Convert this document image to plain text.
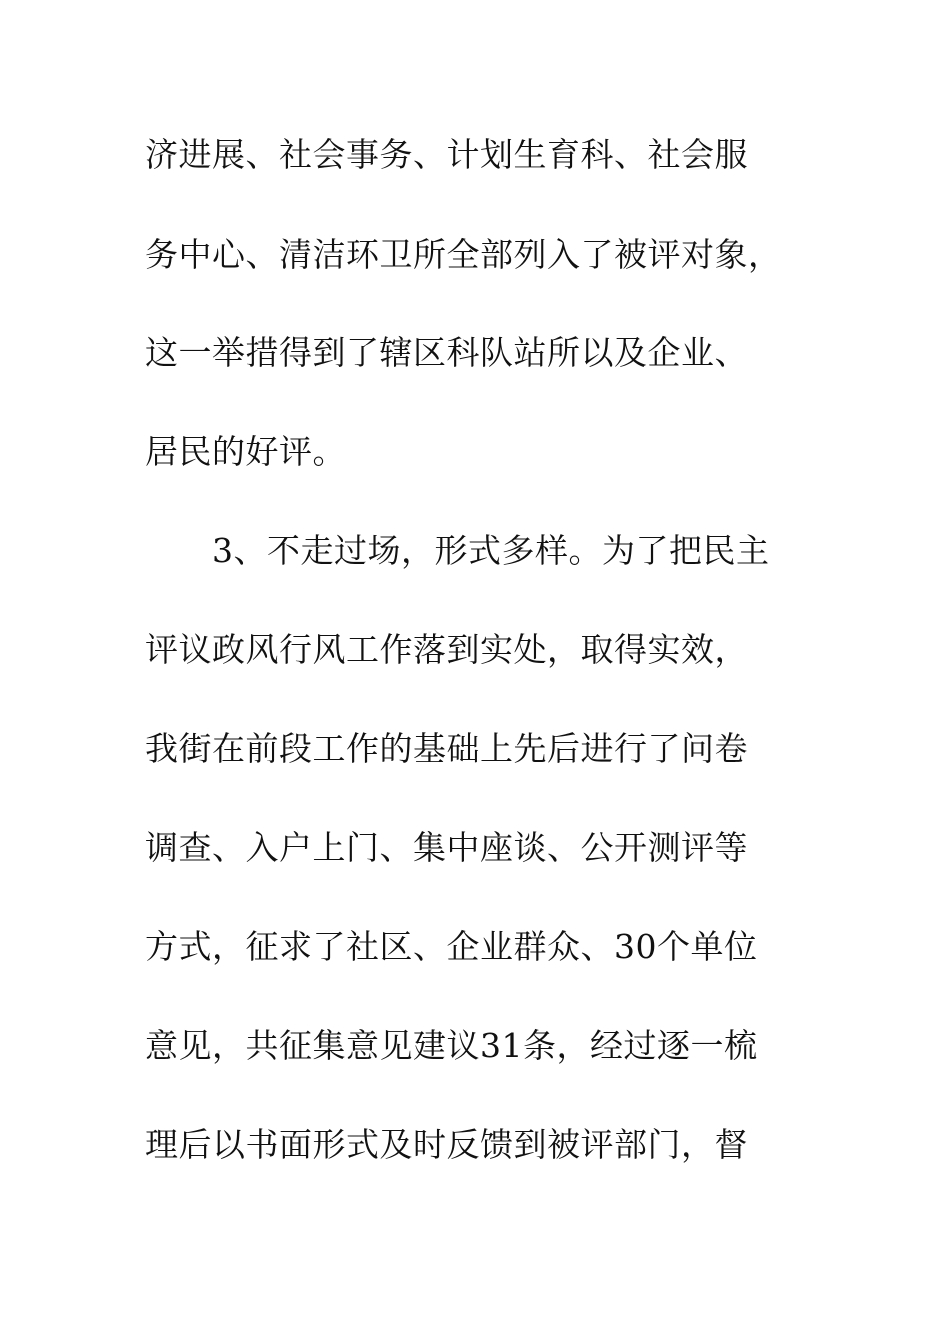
济进展、社会事务、计划生育科、社会服
务中心、清洁环卫所全部列入了被评对象，
这一举措得到了辖区科队站所以及企业、
居民的好评。
3、不走过场，形式多样。为了把民主
评议政风行风工作落到实处，取得实效，
我街在前段工作的基础上先后进行了问卷
调查、入户上门、集中座谈、公开测评等
方式，征求了社区、企业群众、30个单位
意见，共征集意见建议31条，经过逐一梳
理后以书面形式及时反馈到被评部门，督
